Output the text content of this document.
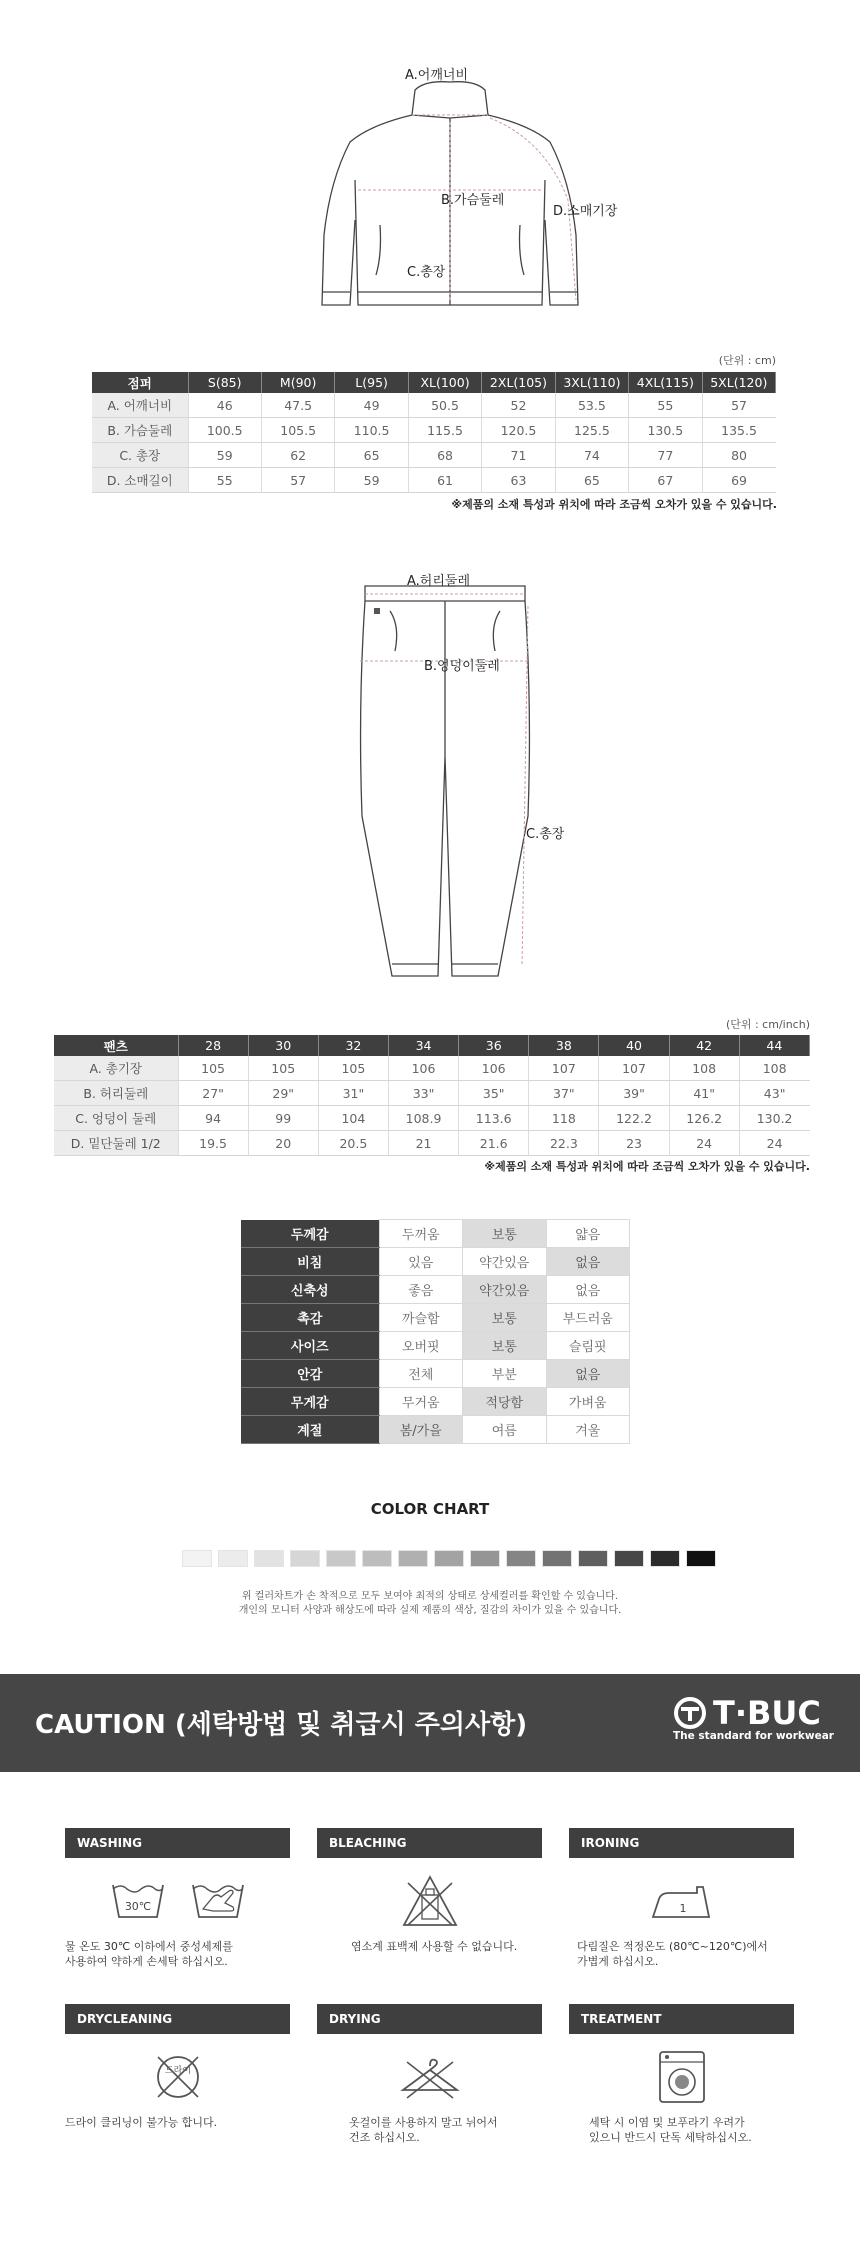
A.어깨너비
B.가슴둘레
C.총장
D.소매기장
(단위 : cm)
점퍼	S(85)	M(90)	L(95)	XL(100)	2XL(105)	3XL(110)	4XL(115)	5XL(120)
A. 어깨너비	46	47.5	49	50.5	52	53.5	55	57
B. 가슴둘레	100.5	105.5	110.5	115.5	120.5	125.5	130.5	135.5
C. 총장	59	62	65	68	71	74	77	80
D. 소매길이	55	57	59	61	63	65	67	69
※제품의 소재 특성과 위치에 따라 조금씩 오차가 있을 수 있습니다.
A.허리둘레
B.엉덩이둘레
C.총장
(단위 : cm/inch)
팬츠	28	30	32	34	36	38	40	42	44
A. 총기장	105	105	105	106	106	107	107	108	108
B. 허리둘레	27"	29"	31"	33"	35"	37"	39"	41"	43"
C. 엉덩이 둘레	94	99	104	108.9	113.6	118	122.2	126.2	130.2
D. 밑단둘레 1/2	19.5	20	20.5	21	21.6	22.3	23	24	24
※제품의 소재 특성과 위치에 따라 조금씩 오차가 있을 수 있습니다.
두께감	두꺼움	보통	얇음
비침	있음	약간있음	없음
신축성	좋음	약간있음	없음
촉감	까슬함	보통	부드러움
사이즈	오버핏	보통	슬림핏
안감	전체	부분	없음
무게감	무거움	적당함	가벼움
계절	봄/가을	여름	겨울
COLOR CHART
위 컬러차트가 손 착적으로 모두 보여야 최적의 상태로 상세컬러를 확인할 수 있습니다.
개인의 모니터 사양과 해상도에 따라 실제 제품의 색상, 질감의 차이가 있을 수 있습니다.
CAUTION (세탁방법 및 취급시 주의사항)	T·BUC
The standard for workwear
WASHING
30℃
물 온도 30℃ 이하에서 중성세제를
사용하여 약하게 손세탁 하십시오.
BLEACHING
염소계 표백제 사용할 수 없습니다.
IRONING
1
다림질은 적정온도 (80℃~120℃)에서
가볍게 하십시오.
DRYCLEANING
드라이
드라이 클리닝이 불가능 합니다.
DRYING
옷걸이를 사용하지 말고 뉘어서
건조 하십시오.
TREATMENT
세탁 시 이염 및 보푸라기 우려가
있으니 반드시 단독 세탁하십시오.
